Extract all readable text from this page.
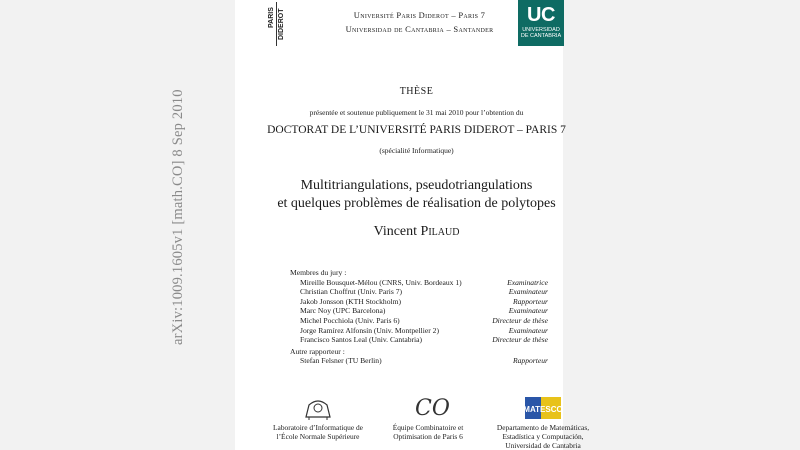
arXiv:1009.1605v1 [math.CO] 8 Sep 2010
PARIS DIDEROT	UC
UNIVERSIDAD
DE CANTABRIA
Université Paris Diderot – Paris 7
Universidad de Cantabria – Santander
THÈSE
présentée et soutenue publiquement le 31 mai 2010 pour l’obtention du
DOCTORAT DE L’UNIVERSITÉ PARIS DIDEROT – PARIS 7
(spécialité Informatique)
Multitriangulations, pseudotriangulations
et quelques problèmes de réalisation de polytopes
Vincent Pilaud
Membres du jury :
Mireille Bousquet-Mélou (CNRS, Univ. Bordeaux 1)	Examinatrice
Christian Choffrut (Univ. Paris 7)	Examinateur
Jakob Jonsson (KTH Stockholm)	Rapporteur
Marc Noy (UPC Barcelona)	Examinateur
Michel Pocchiola (Univ. Paris 6)	Directeur de thèse
Jorge Ramírez Alfonsín (Univ. Montpellier 2)	Examinateur
Francisco Santos Leal (Univ. Cantabria)	Directeur de thèse
Autre rapporteur :
Stefan Felsner (TU Berlin)	Rapporteur
Laboratoire d’Informatique de
l’École Normale Supérieure
CO
Équipe Combinatoire et
Optimisation de Paris 6
MATESCO
Departamento de Matemáticas,
Estadística y Computación,
Universidad de Cantabria
